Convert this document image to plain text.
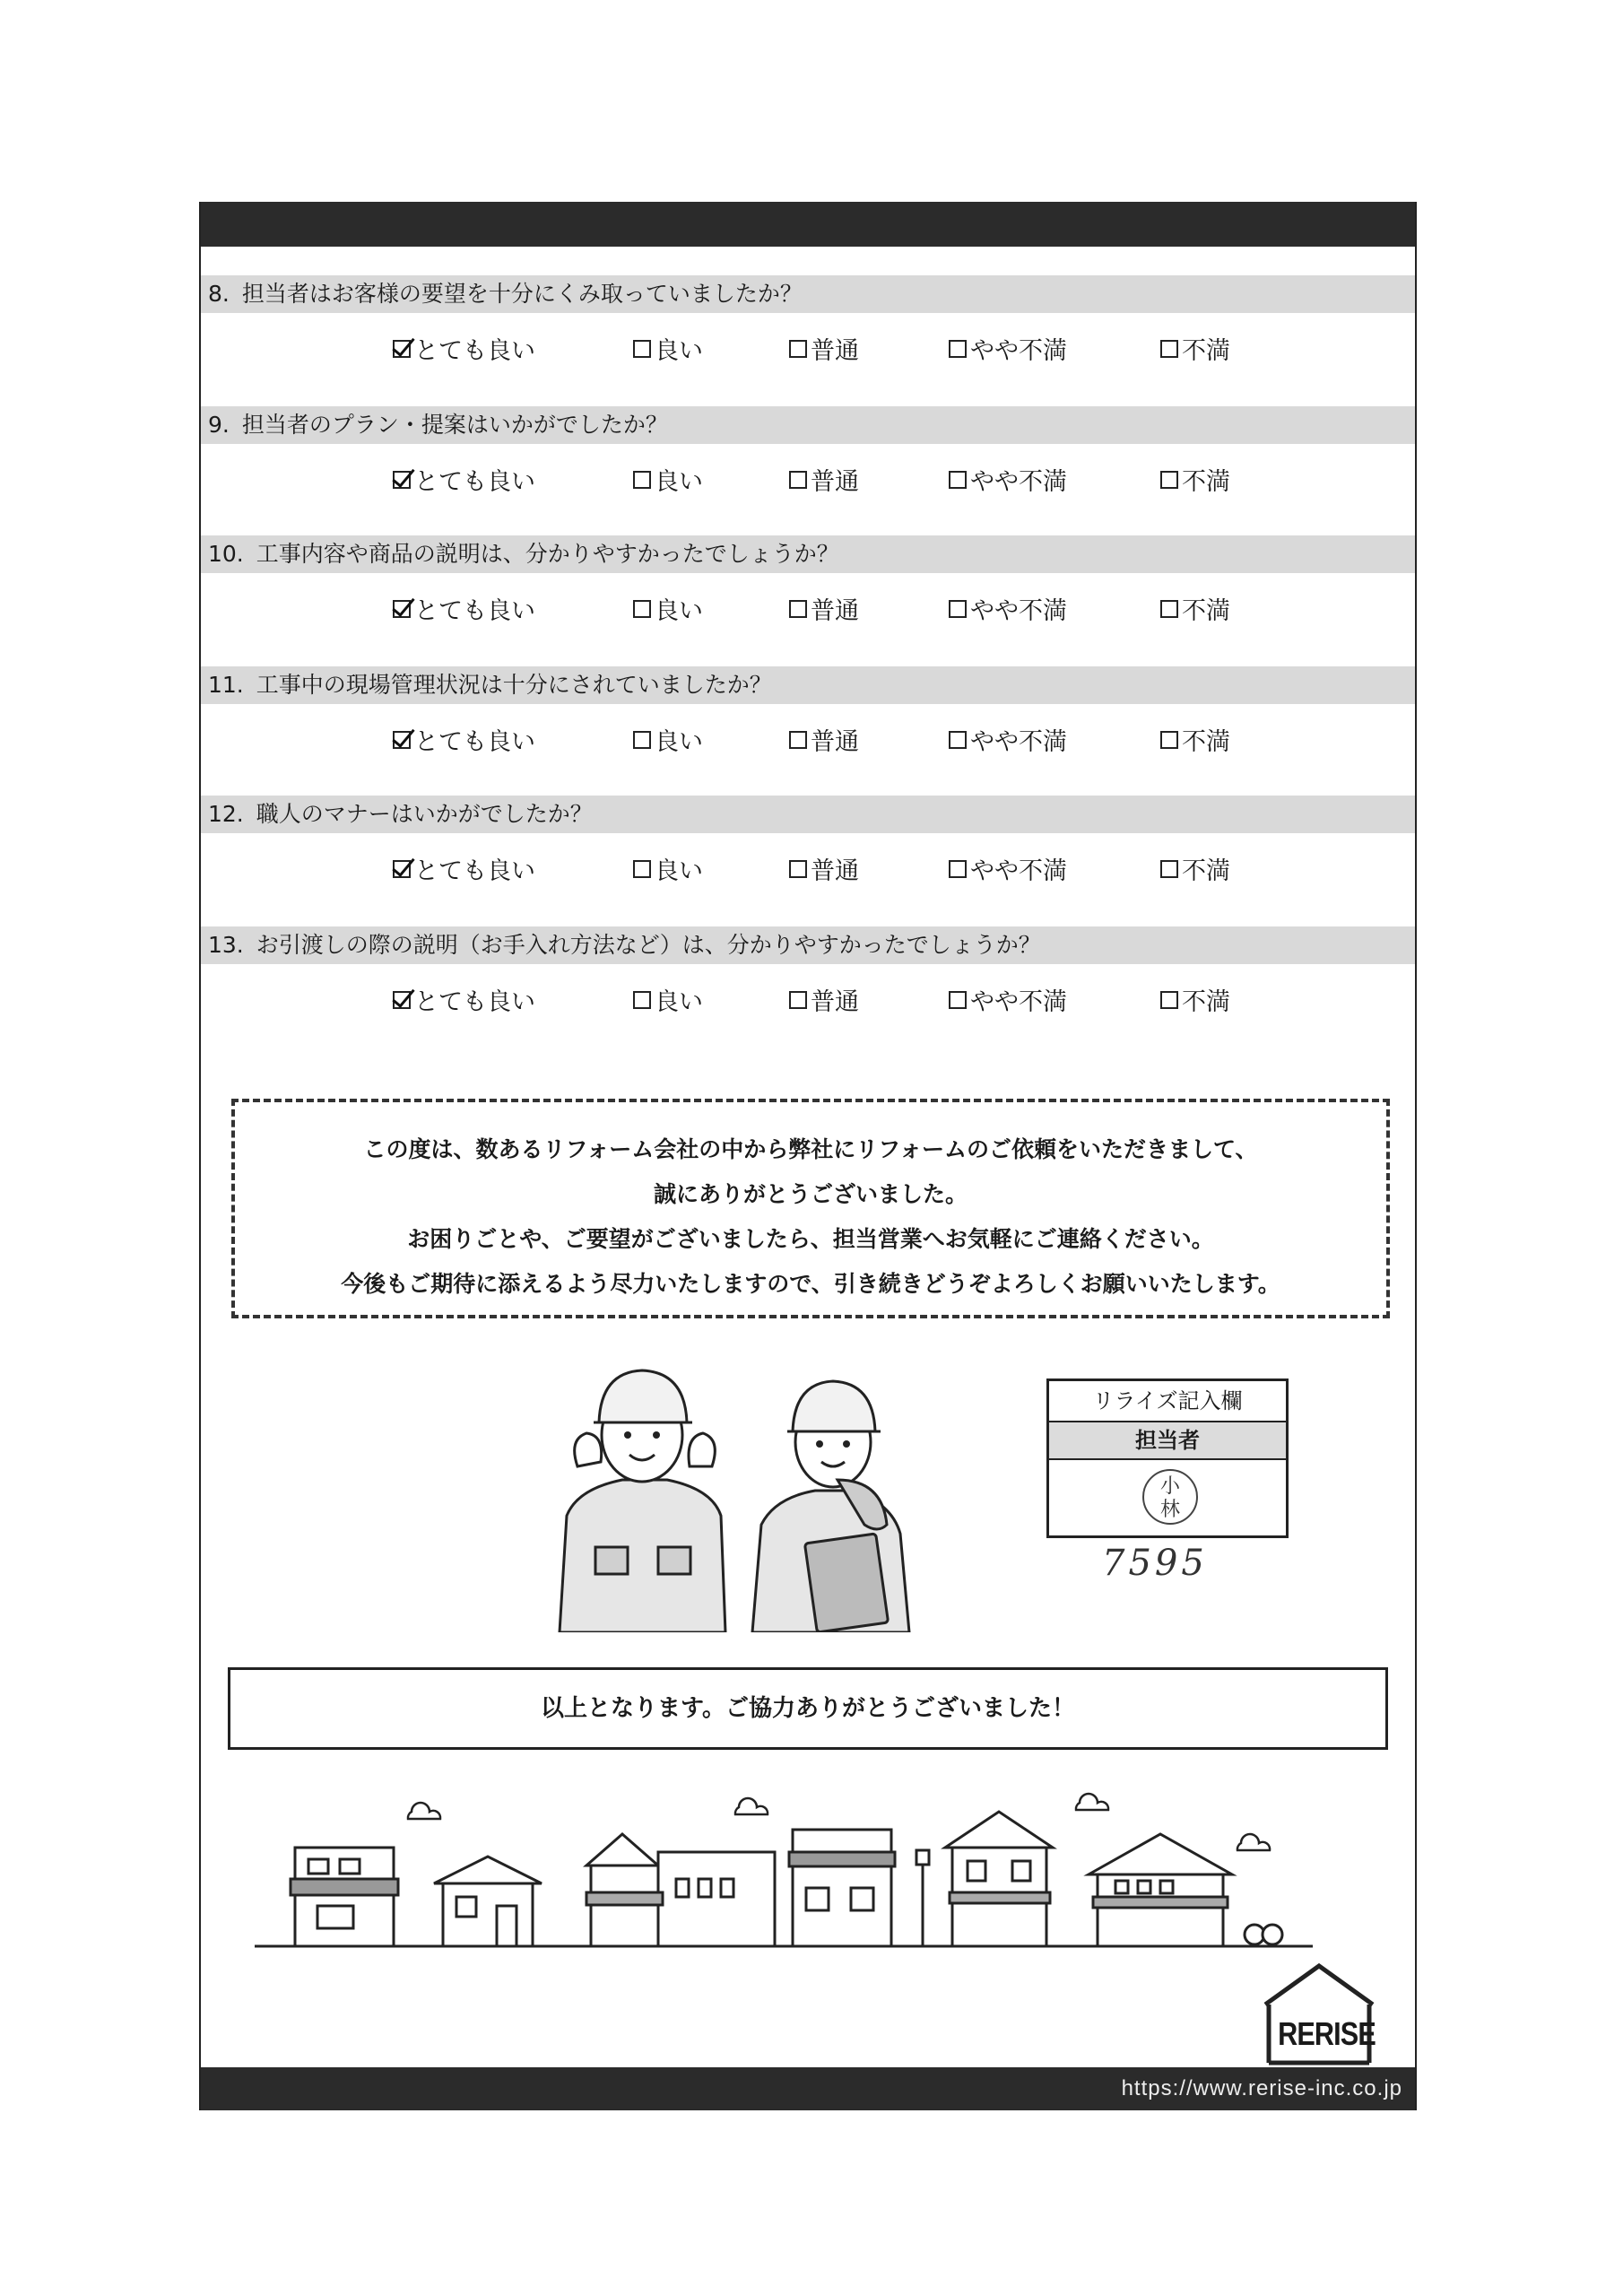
8. 担当者はお客様の要望を十分にくみ取っていましたか？
とても良い	良い	普通	やや不満	不満
9. 担当者のプラン・提案はいかがでしたか？
とても良い	良い	普通	やや不満	不満
10. 工事内容や商品の説明は、分かりやすかったでしょうか？
とても良い	良い	普通	やや不満	不満
11. 工事中の現場管理状況は十分にされていましたか？
とても良い	良い	普通	やや不満	不満
12. 職人のマナーはいかがでしたか？
とても良い	良い	普通	やや不満	不満
13. お引渡しの際の説明（お手入れ方法など）は、分かりやすかったでしょうか？
とても良い	良い	普通	やや不満	不満
この度は、数あるリフォーム会社の中から弊社にリフォームのご依頼をいただきまして、
誠にありがとうございました。
お困りごとや、ご要望がございましたら、担当営業へお気軽にご連絡ください。
今後もご期待に添えるよう尽力いたしますので、引き続きどうぞよろしくお願いいたします。
リライズ記入欄
担当者
小
林
7595
以上となります。ご協力ありがとうございました！
RERISE
https://www.rerise-inc.co.jp
